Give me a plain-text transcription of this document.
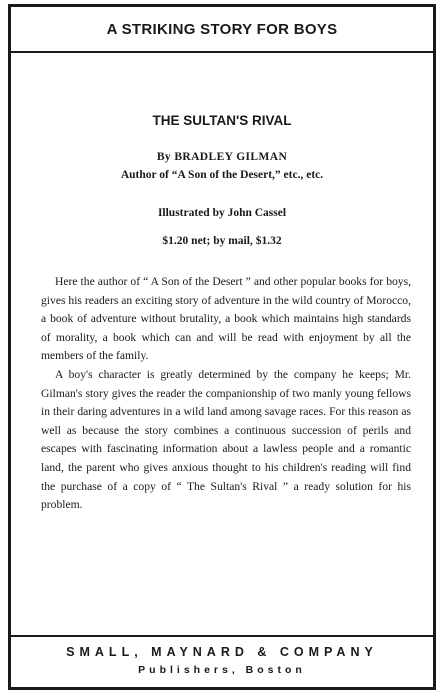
A STRIKING STORY FOR BOYS
THE SULTAN'S RIVAL
By BRADLEY GILMAN
Author of “A Son of the Desert,” etc., etc.
Illustrated by John Cassel
$1.20 net; by mail, $1.32

Here the author of “ A Son of the Desert ” and other popular books for boys, gives his readers an exciting story of adventure in the wild country of Morocco, a book of adventure without brutality, a book which maintains high standards of morality, a book which can and will be read with enjoyment by all the members of the family.

A boy's character is greatly determined by the company he keeps; Mr. Gilman's story gives the reader the companionship of two manly young fellows in their daring adventures in a wild land among savage races. For this reason as well as because the story combines a continuous succession of perils and escapes with fascinating information about a lawless people and a romantic land, the parent who gives anxious thought to his children's reading will find the purchase of a copy of “ The Sultan's Rival ” a ready solution for his problem.

SMALL, MAYNARD & COMPANY
Publishers, Boston
